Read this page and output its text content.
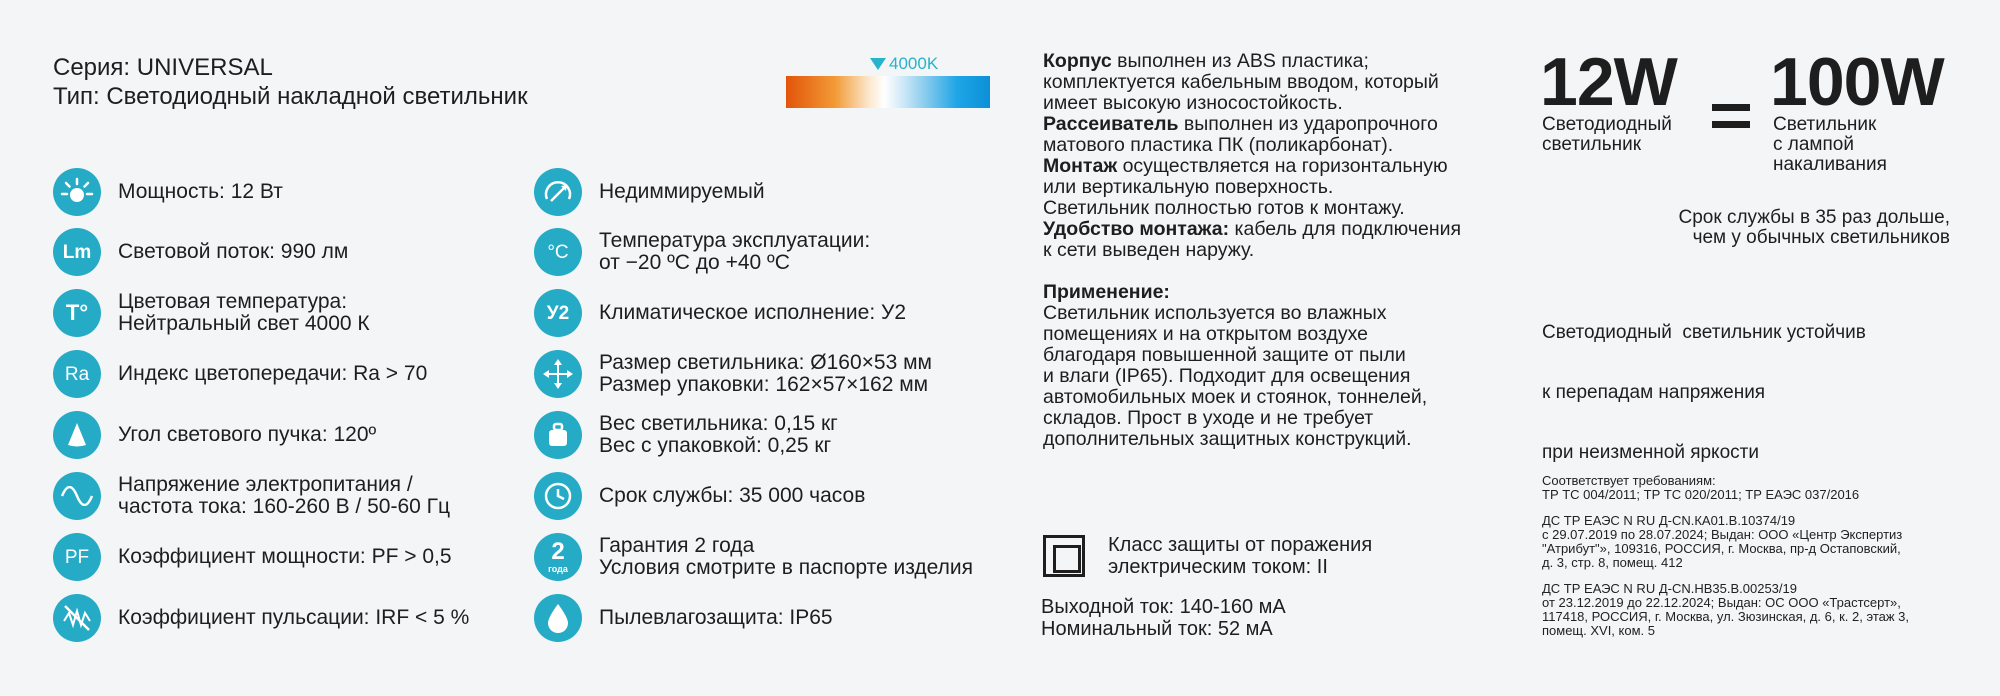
Серия: UNIVERSAL
Тип: Светодиодный накладной светильник
4000K
Мощность: 12 Вт
Lm Световой поток: 990 лм
T° Цветовая температура:
Нейтральный свет 4000 К
Ra Индекс цветопередачи: Ra > 70
Угол светового пучка: 120º
Напряжение электропитания /
частота тока: 160-260 В / 50-60 Гц
PF Коэффициент мощности: PF > 0,5
Коэффициент пульсации: IRF < 5 %
Недиммируемый
°C Температура эксплуатации:
от −20 ºC до +40 ºC
У2 Климатическое исполнение: У2
Размер светильника: Ø160×53 мм
Размер упаковки: 162×57×162 мм
Вес светильника: 0,15 кг
Вес с упаковкой: 0,25 кг
Срок службы: 35 000 часов
2
года
Гарантия 2 года
Условия смотрите в паспорте изделия
Пылевлагозащита: IP65
Корпус выполнен из ABS пластика;
комплектуется кабельным вводом, который
имеет высокую износостойкость.
Рассеиватель выполнен из ударопрочного
матового пластика ПК (поликарбонат).
Монтаж осуществляется на горизонтальную
или вертикальную поверхность.
Светильник полностью готов к монтажу.
Удобство монтажа: кабель для подключения
к сети выведен наружу.
Применение:
Светильник используется во влажных
помещениях и на открытом воздухе
благодаря повышенной защите от пыли
и влаги (IP65). Подходит для освещения
автомобильных моек и стоянок, тоннелей,
складов. Прост в уходе и не требует
дополнительных защитных конструкций.
Класс защиты от поражения
электрическим током: II
Выходной ток: 140-160 мА
Номинальный ток: 52 мА
12W
Светодиодный
светильник
100W
Светильник
с лампой
накаливания
Срок службы в 35 раз дольше,
чем у обычных светильников

Светодиодный  светильник устойчив

к перепадам напряжения

при неизменной яркости

Соответствует требованиям:
ТР ТС 004/2011; ТР ТС 020/2011; ТР ЕАЭС 037/2016
ДС ТР ЕАЭС N RU Д-CN.КА01.В.10374/19
с 29.07.2019 по 28.07.2024; Выдан: ООО «Центр Экспертиз
"Атрибут"», 109316, РОССИЯ, г. Москва, пр-д Остаповский,
д. 3, стр. 8, помещ. 412
ДС ТР ЕАЭС N RU Д-CN.НВ35.В.00253/19
от 23.12.2019 до 22.12.2024; Выдан: ОС ООО «Трастсерт»,
117418, РОССИЯ, г. Москва, ул. Зюзинская, д. 6, к. 2, этаж 3,
помещ. XVI, ком. 5
